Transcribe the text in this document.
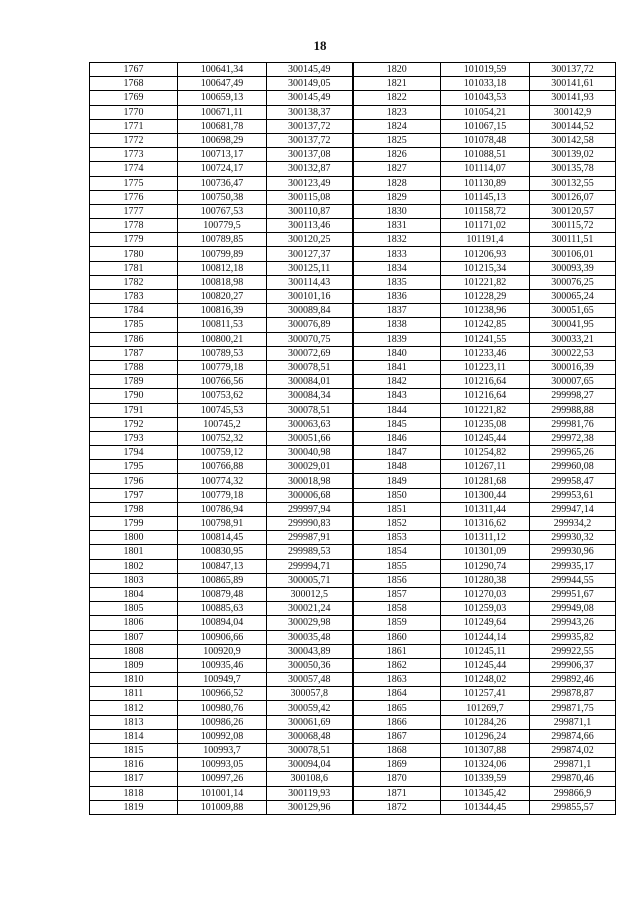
18
1767	100641,34	300145,49	1820	101019,59	300137,72
1768	100647,49	300149,05	1821	101033,18	300141,61
1769	100659,13	300145,49	1822	101043,53	300141,93
1770	100671,11	300138,37	1823	101054,21	300142,9
1771	100681,78	300137,72	1824	101067,15	300144,52
1772	100698,29	300137,72	1825	101078,48	300142,58
1773	100713,17	300137,08	1826	101088,51	300139,02
1774	100724,17	300132,87	1827	101114,07	300135,78
1775	100736,47	300123,49	1828	101130,89	300132,55
1776	100750,38	300115,08	1829	101145,13	300126,07
1777	100767,53	300110,87	1830	101158,72	300120,57
1778	100779,5	300113,46	1831	101171,02	300115,72
1779	100789,85	300120,25	1832	101191,4	300111,51
1780	100799,89	300127,37	1833	101206,93	300106,01
1781	100812,18	300125,11	1834	101215,34	300093,39
1782	100818,98	300114,43	1835	101221,82	300076,25
1783	100820,27	300101,16	1836	101228,29	300065,24
1784	100816,39	300089,84	1837	101238,96	300051,65
1785	100811,53	300076,89	1838	101242,85	300041,95
1786	100800,21	300070,75	1839	101241,55	300033,21
1787	100789,53	300072,69	1840	101233,46	300022,53
1788	100779,18	300078,51	1841	101223,11	300016,39
1789	100766,56	300084,01	1842	101216,64	300007,65
1790	100753,62	300084,34	1843	101216,64	299998,27
1791	100745,53	300078,51	1844	101221,82	299988,88
1792	100745,2	300063,63	1845	101235,08	299981,76
1793	100752,32	300051,66	1846	101245,44	299972,38
1794	100759,12	300040,98	1847	101254,82	299965,26
1795	100766,88	300029,01	1848	101267,11	299960,08
1796	100774,32	300018,98	1849	101281,68	299958,47
1797	100779,18	300006,68	1850	101300,44	299953,61
1798	100786,94	299997,94	1851	101311,44	299947,14
1799	100798,91	299990,83	1852	101316,62	299934,2
1800	100814,45	299987,91	1853	101311,12	299930,32
1801	100830,95	299989,53	1854	101301,09	299930,96
1802	100847,13	299994,71	1855	101290,74	299935,17
1803	100865,89	300005,71	1856	101280,38	299944,55
1804	100879,48	300012,5	1857	101270,03	299951,67
1805	100885,63	300021,24	1858	101259,03	299949,08
1806	100894,04	300029,98	1859	101249,64	299943,26
1807	100906,66	300035,48	1860	101244,14	299935,82
1808	100920,9	300043,89	1861	101245,11	299922,55
1809	100935,46	300050,36	1862	101245,44	299906,37
1810	100949,7	300057,48	1863	101248,02	299892,46
1811	100966,52	300057,8	1864	101257,41	299878,87
1812	100980,76	300059,42	1865	101269,7	299871,75
1813	100986,26	300061,69	1866	101284,26	299871,1
1814	100992,08	300068,48	1867	101296,24	299874,66
1815	100993,7	300078,51	1868	101307,88	299874,02
1816	100993,05	300094,04	1869	101324,06	299871,1
1817	100997,26	300108,6	1870	101339,59	299870,46
1818	101001,14	300119,93	1871	101345,42	299866,9
1819	101009,88	300129,96	1872	101344,45	299855,57
